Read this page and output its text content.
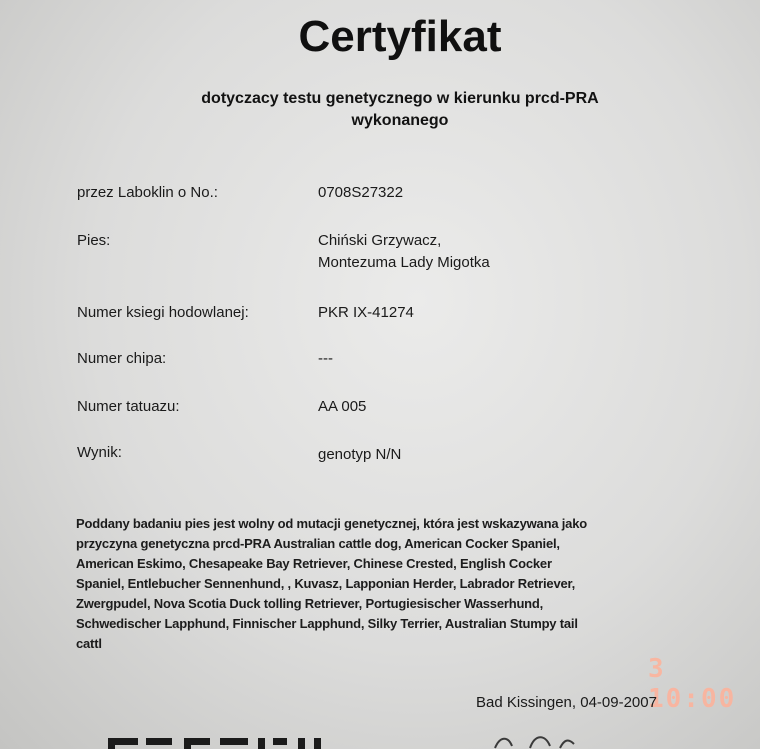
Certyfikat
dotyczacy testu genetycznego w kierunku prcd-PRA
wykonanego
przez Laboklin o No.:	0708S27322
Pies:	Chiński Grzywacz,
Montezuma Lady Migotka
Numer ksiegi hodowlanej:	PKR IX-41274
Numer chipa:	---
Numer tatuazu:	AA 005
Wynik:	genotyp N/N
Poddany badaniu pies jest wolny od mutacji genetycznej, która jest wskazywana jako
przyczyna genetyczna prcd-PRA Australian cattle dog, American Cocker Spaniel,
American Eskimo, Chesapeake Bay Retriever, Chinese Crested, English Cocker
Spaniel, Entlebucher Sennenhund, , Kuvasz, Lapponian Herder, Labrador Retriever,
Zwergpudel, Nova Scotia Duck tolling Retriever, Portugiesischer Wasserhund,
Schwedischer Lapphund, Finnischer Lapphund, Silky Terrier, Australian Stumpy tail
cattl
3 10:00
Bad Kissingen, 04-09-2007
